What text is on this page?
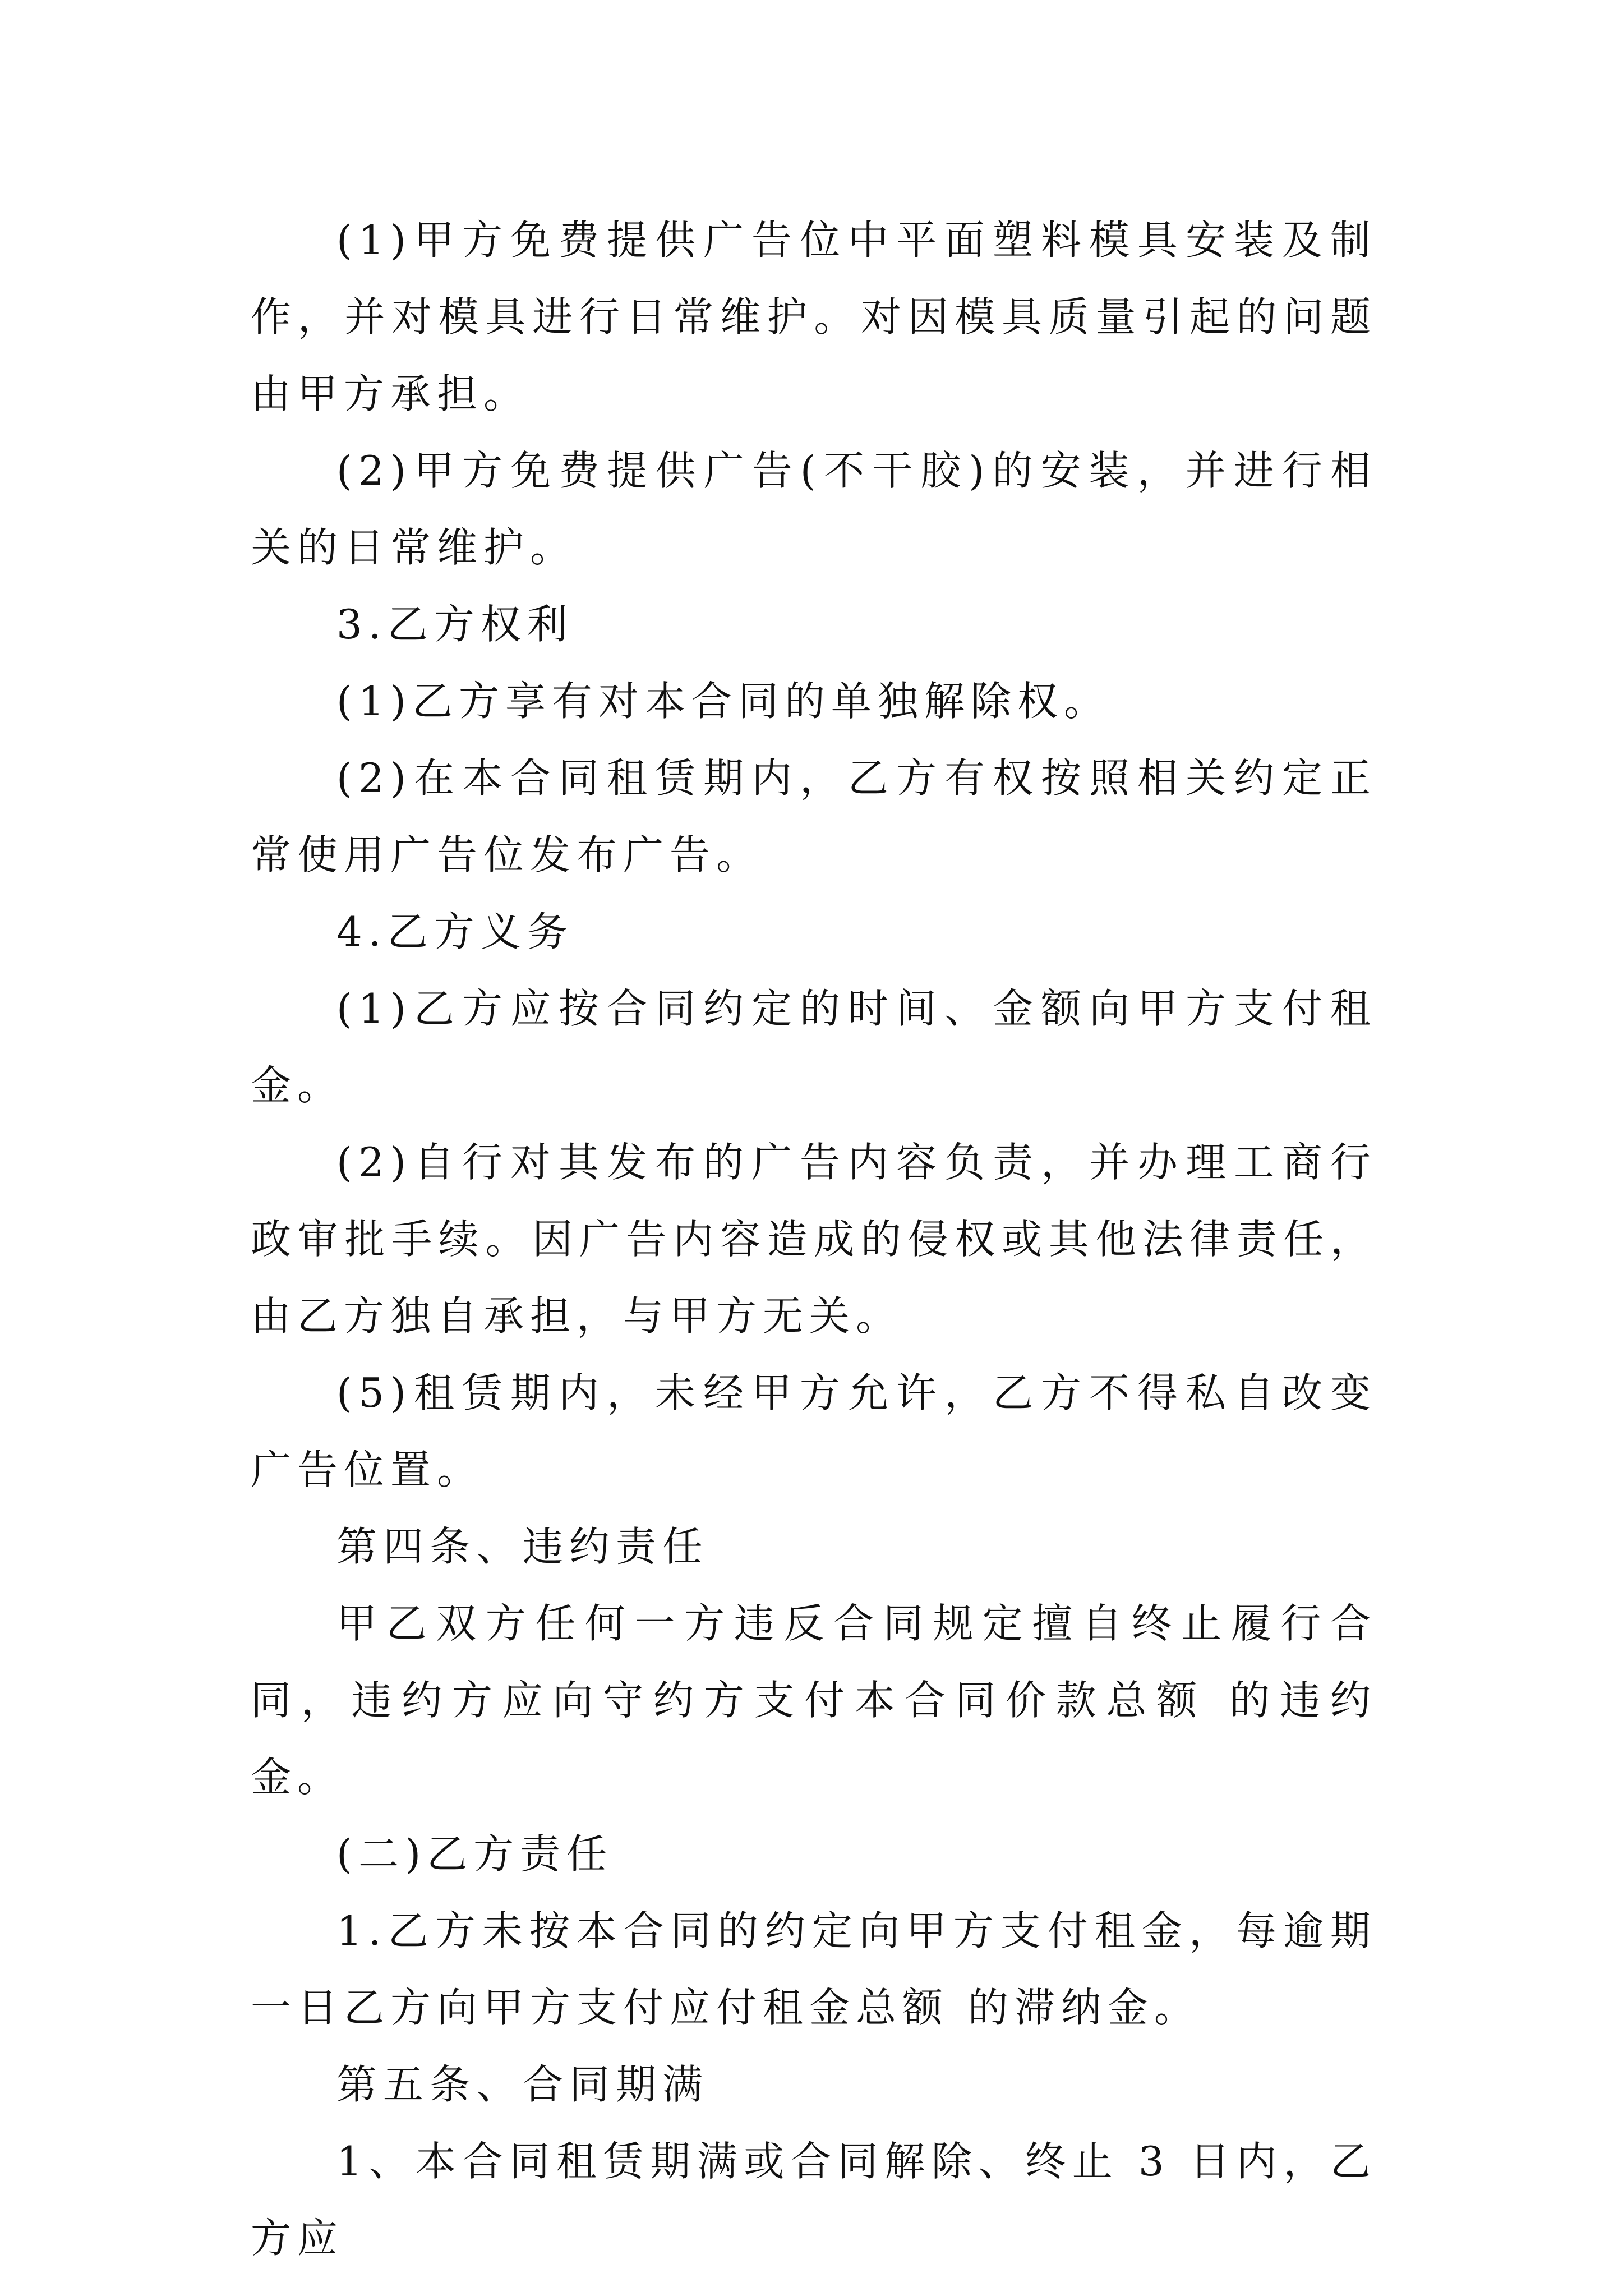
(1)甲方免费提供广告位中平面塑料模具安装及制作，并对模具进行日常维护。对因模具质量引起的问题由甲方承担。

(2)甲方免费提供广告(不干胶)的安装，并进行相关的日常维护。

3.乙方权利

(1)乙方享有对本合同的单独解除权。

(2)在本合同租赁期内，乙方有权按照相关约定正常使用广告位发布广告。

4.乙方义务

(1)乙方应按合同约定的时间、金额向甲方支付租金。

(2)自行对其发布的广告内容负责，并办理工商行政审批手续。因广告内容造成的侵权或其他法律责任，由乙方独自承担，与甲方无关。

(5)租赁期内，未经甲方允许，乙方不得私自改变广告位置。

第四条、违约责任

甲乙双方任何一方违反合同规定擅自终止履行合同，违约方应向守约方支付本合同价款总额 的违约金。

(二)乙方责任

1.乙方未按本合同的约定向甲方支付租金，每逾期一日乙方向甲方支付应付租金总额 的滞纳金。

第五条、合同期满

1、本合同租赁期满或合同解除、终止 3 日内，乙方应
